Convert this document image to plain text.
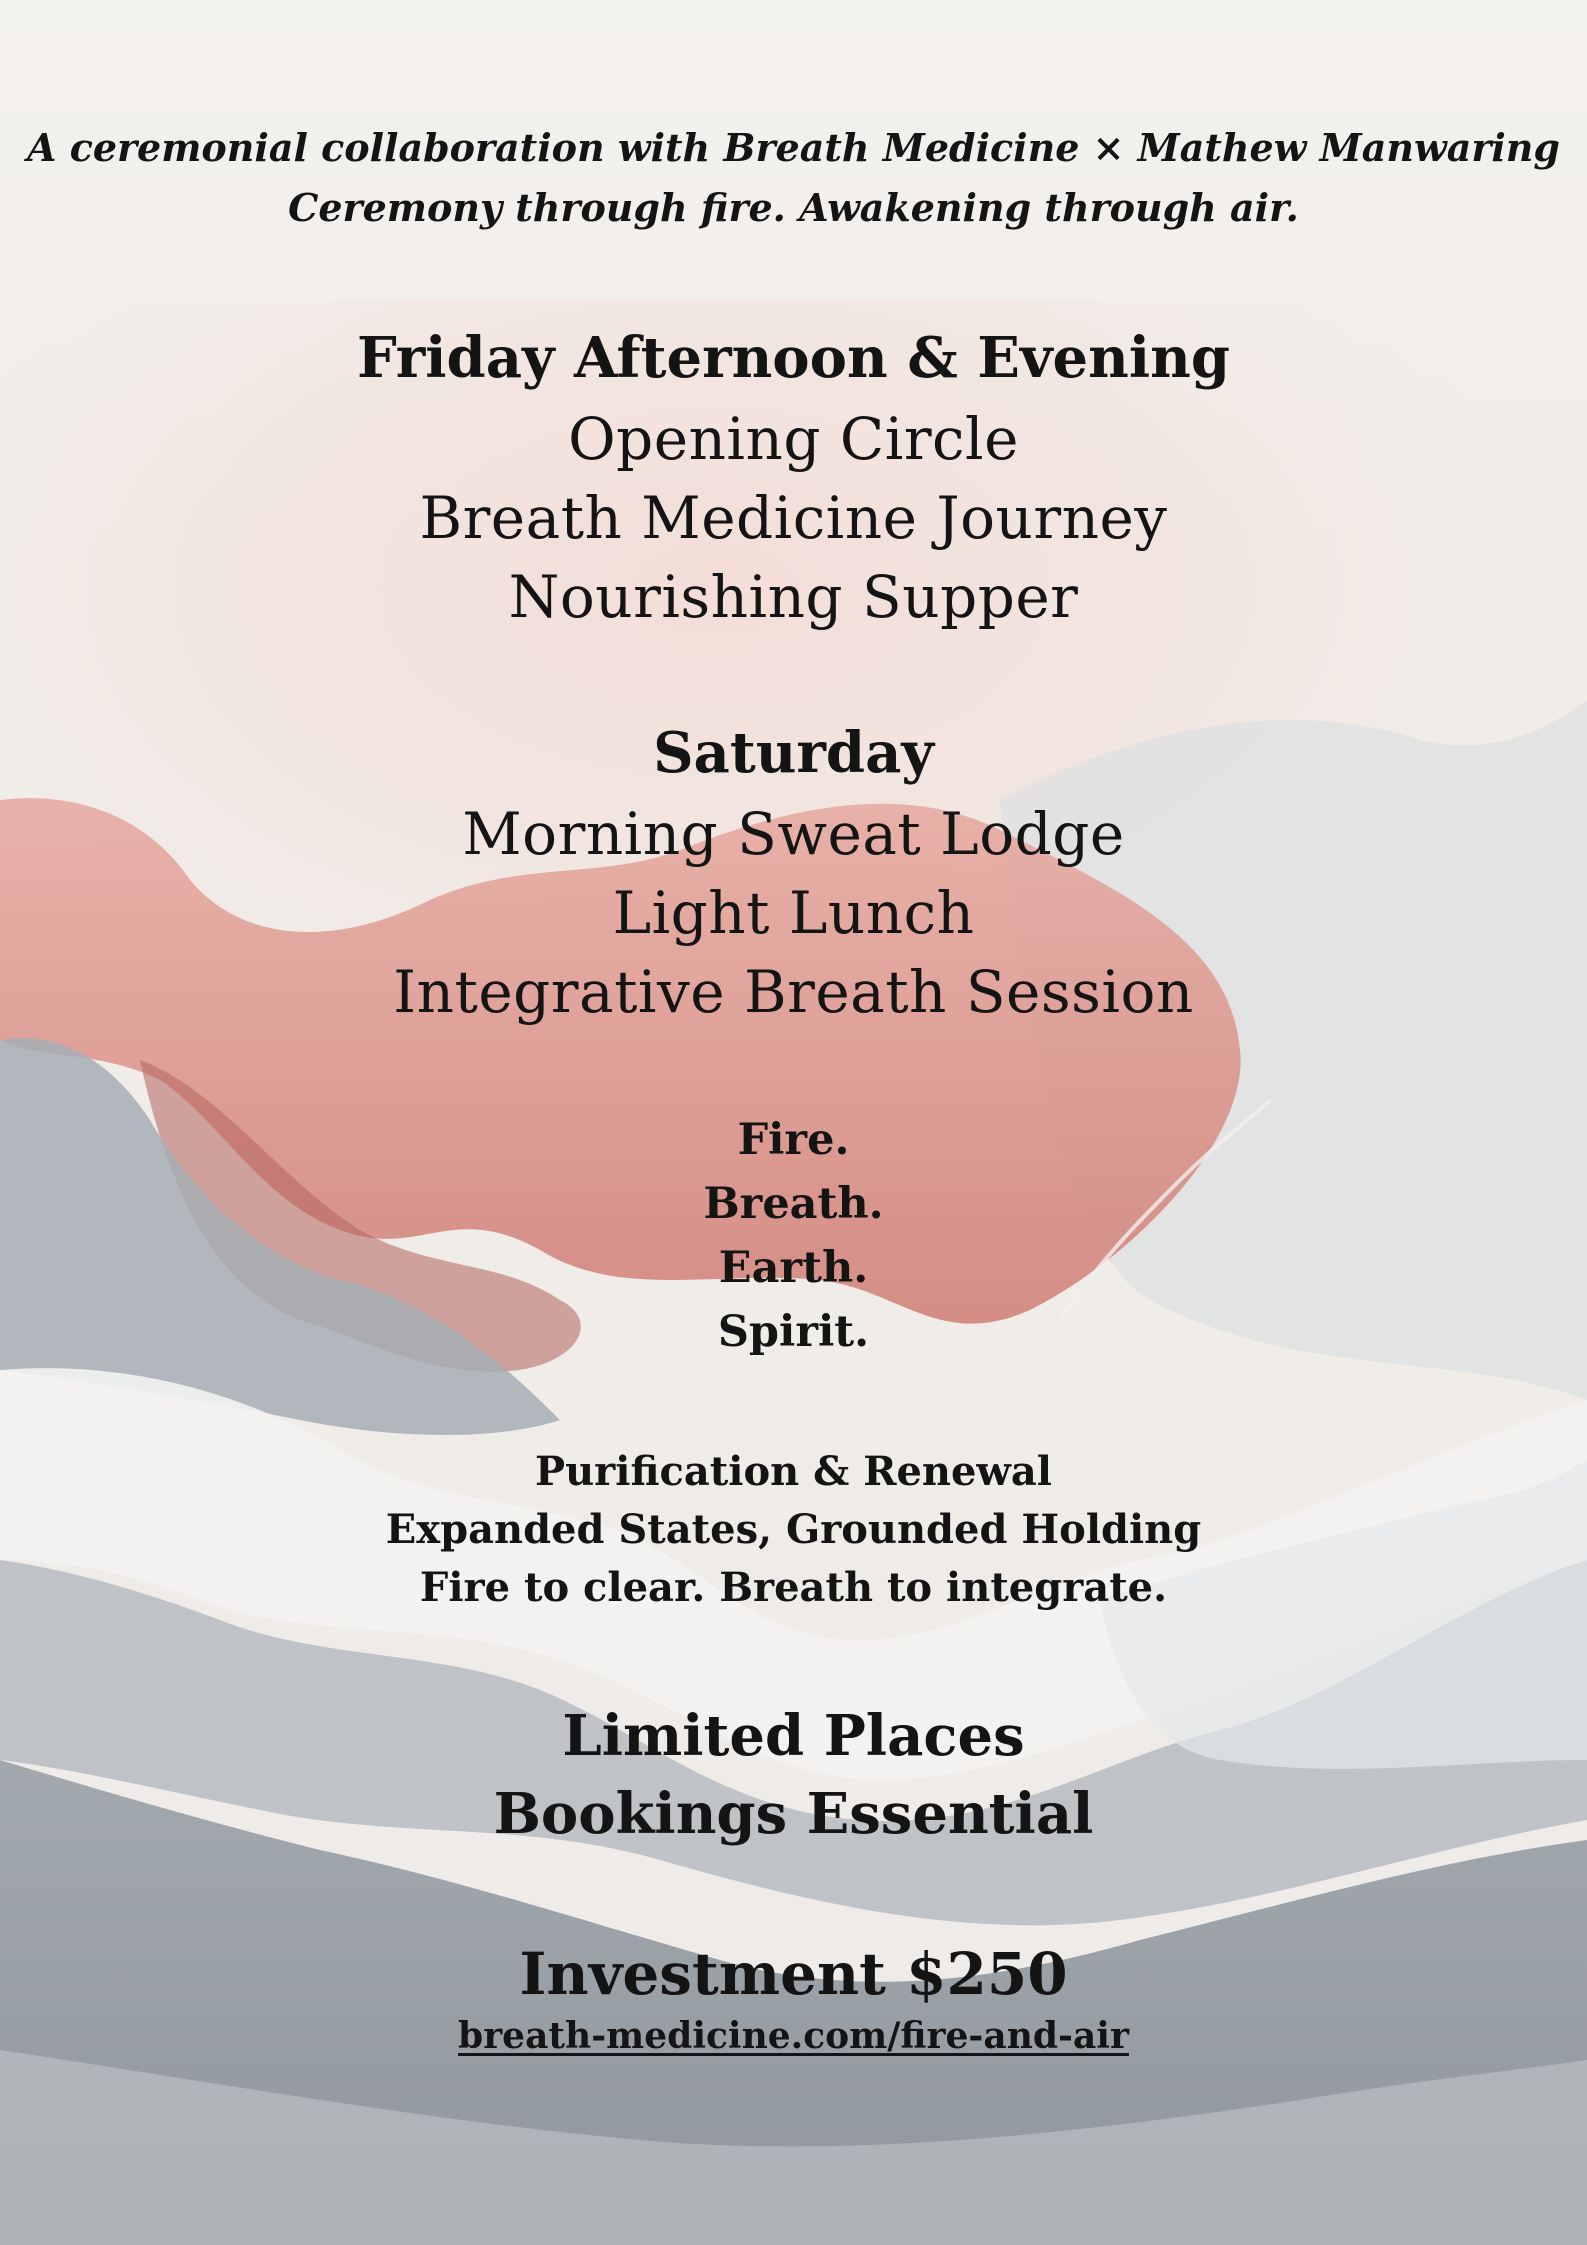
A ceremonial collaboration with Breath Medicine × Mathew Manwaring
Ceremony through fire. Awakening through air.
Friday Afternoon & Evening
Opening Circle
Breath Medicine Journey
Nourishing Supper
Saturday
Morning Sweat Lodge
Light Lunch
Integrative Breath Session
Fire.
Breath.
Earth.
Spirit.
Purification & Renewal
Expanded States, Grounded Holding
Fire to clear. Breath to integrate.
Limited Places
Bookings Essential
Investment $250
breath-medicine.com/fire-and-air
